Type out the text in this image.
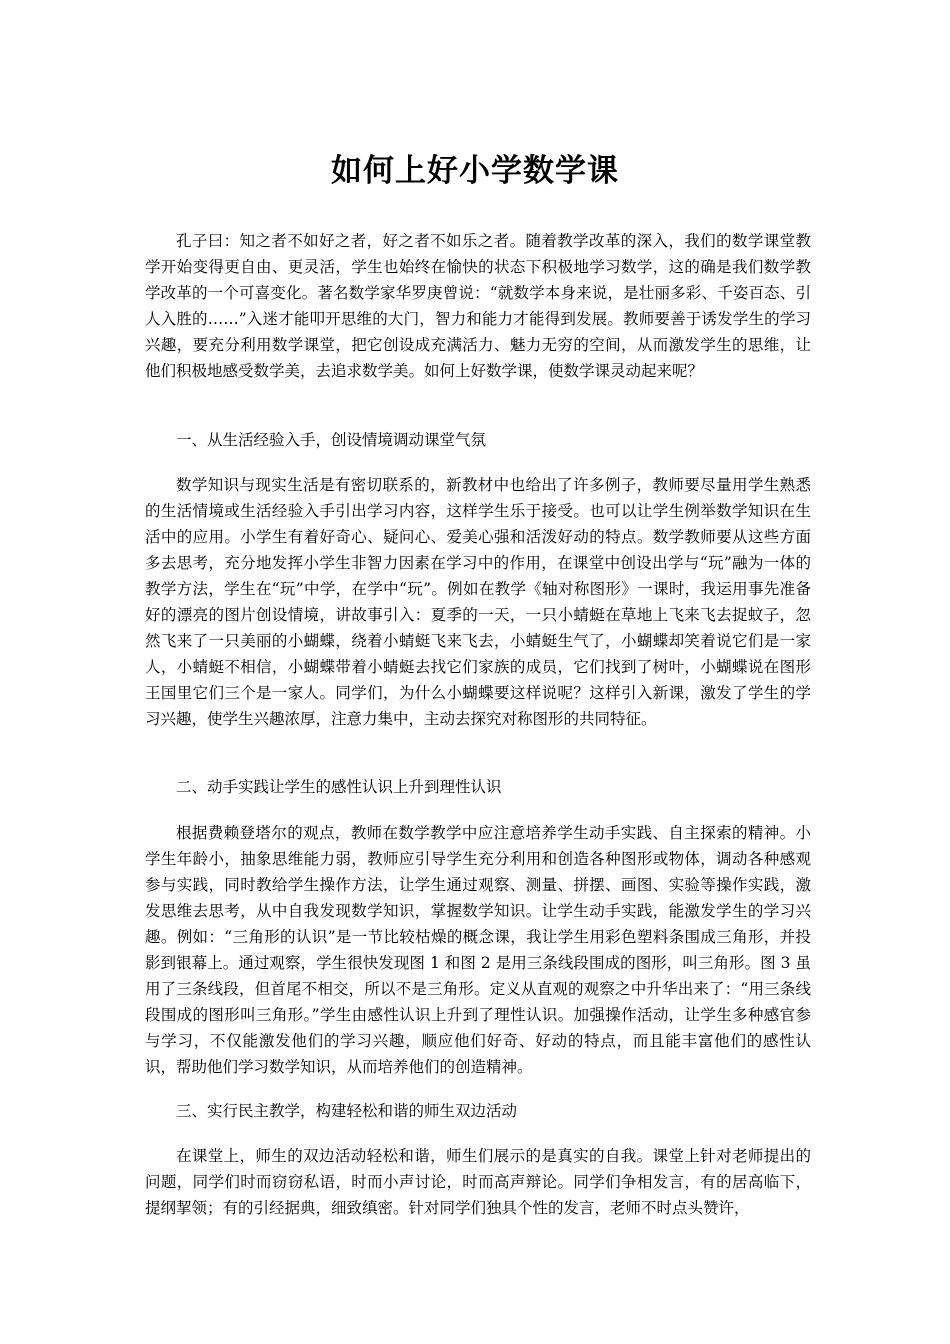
如何上好小学数学课

孔子曰：知之者不如好之者，好之者不如乐之者。随着教学改革的深入，我们的数学课堂教学开始变得更自由、更灵活，学生也始终在愉快的状态下积极地学习数学，这的确是我们数学教学改革的一个可喜变化。著名数学家华罗庚曾说：“就数学本身来说，是壮丽多彩、千姿百态、引人入胜的……”入迷才能叩开思维的大门，智力和能力才能得到发展。教师要善于诱发学生的学习兴趣，要充分利用数学课堂，把它创设成充满活力、魅力无穷的空间，从而激发学生的思维，让他们积极地感受数学美，去追求数学美。如何上好数学课，使数学课灵动起来呢？

一、从生活经验入手，创设情境调动课堂气氛

数学知识与现实生活是有密切联系的，新教材中也给出了许多例子，教师要尽量用学生熟悉的生活情境或生活经验入手引出学习内容，这样学生乐于接受。也可以让学生例举数学知识在生活中的应用。小学生有着好奇心、疑问心、爱美心强和活泼好动的特点。数学教师要从这些方面多去思考，充分地发挥小学生非智力因素在学习中的作用，在课堂中创设出学与“玩”融为一体的教学方法，学生在“玩”中学，在学中“玩”。例如在教学《轴对称图形》一课时，我运用事先准备好的漂亮的图片创设情境，讲故事引入：夏季的一天，一只小蜻蜓在草地上飞来飞去捉蚊子，忽然飞来了一只美丽的小蝴蝶，绕着小蜻蜓飞来飞去，小蜻蜓生气了，小蝴蝶却笑着说它们是一家人，小蜻蜓不相信，小蝴蝶带着小蜻蜓去找它们家族的成员，它们找到了树叶，小蝴蝶说在图形王国里它们三个是一家人。同学们，为什么小蝴蝶要这样说呢？这样引入新课，激发了学生的学习兴趣，使学生兴趣浓厚，注意力集中，主动去探究对称图形的共同特征。

二、动手实践让学生的感性认识上升到理性认识

根据费赖登塔尔的观点，教师在数学教学中应注意培养学生动手实践、自主探索的精神。小学生年龄小，抽象思维能力弱，教师应引导学生充分利用和创造各种图形或物体，调动各种感观参与实践，同时教给学生操作方法，让学生通过观察、测量、拼摆、画图、实验等操作实践，激发思维去思考，从中自我发现数学知识，掌握数学知识。让学生动手实践，能激发学生的学习兴趣。例如：“三角形的认识”是一节比较枯燥的概念课，我让学生用彩色塑料条围成三角形，并投影到银幕上。通过观察，学生很快发现图 1 和图 2 是用三条线段围成的图形，叫三角形。图 3 虽用了三条线段，但首尾不相交，所以不是三角形。定义从直观的观察之中升华出来了：“用三条线段围成的图形叫三角形。”学生由感性认识上升到了理性认识。加强操作活动，让学生多种感官参与学习，不仅能激发他们的学习兴趣，顺应他们好奇、好动的特点，而且能丰富他们的感性认识，帮助他们学习数学知识，从而培养他们的创造精神。

三、实行民主教学，构建轻松和谐的师生双边活动

在课堂上，师生的双边活动轻松和谐，师生们展示的是真实的自我。课堂上针对老师提出的问题，同学们时而窃窃私语，时而小声讨论，时而高声辩论。同学们争相发言，有的居高临下，提纲挈领；有的引经据典，细致缜密。针对同学们独具个性的发言，老师不时点头赞许，
